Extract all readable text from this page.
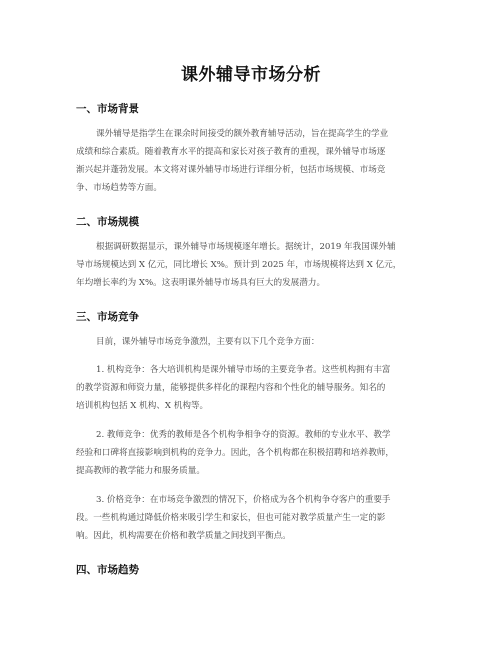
课外辅导市场分析
一、市场背景
课外辅导是指学生在课余时间接受的额外教育辅导活动，旨在提高学生的学业
成绩和综合素质。随着教育水平的提高和家长对孩子教育的重视，课外辅导市场逐
渐兴起并蓬勃发展。本文将对课外辅导市场进行详细分析，包括市场规模、市场竞
争、市场趋势等方面。
二、市场规模
根据调研数据显示，课外辅导市场规模逐年增长。据统计，2019 年我国课外辅
导市场规模达到 X 亿元，同比增长 X%。预计到 2025 年，市场规模将达到 X 亿元，
年均增长率约为 X%。这表明课外辅导市场具有巨大的发展潜力。
三、市场竞争
目前，课外辅导市场竞争激烈，主要有以下几个竞争方面：
1. 机构竞争：各大培训机构是课外辅导市场的主要竞争者。这些机构拥有丰富
的教学资源和师资力量，能够提供多样化的课程内容和个性化的辅导服务。知名的
培训机构包括 X 机构、X 机构等。
2. 教师竞争：优秀的教师是各个机构争相争夺的资源。教师的专业水平、教学
经验和口碑将直接影响到机构的竞争力。因此，各个机构都在积极招聘和培养教师，
提高教师的教学能力和服务质量。
3. 价格竞争：在市场竞争激烈的情况下，价格成为各个机构争夺客户的重要手
段。一些机构通过降低价格来吸引学生和家长，但也可能对教学质量产生一定的影
响。因此，机构需要在价格和教学质量之间找到平衡点。
四、市场趋势
